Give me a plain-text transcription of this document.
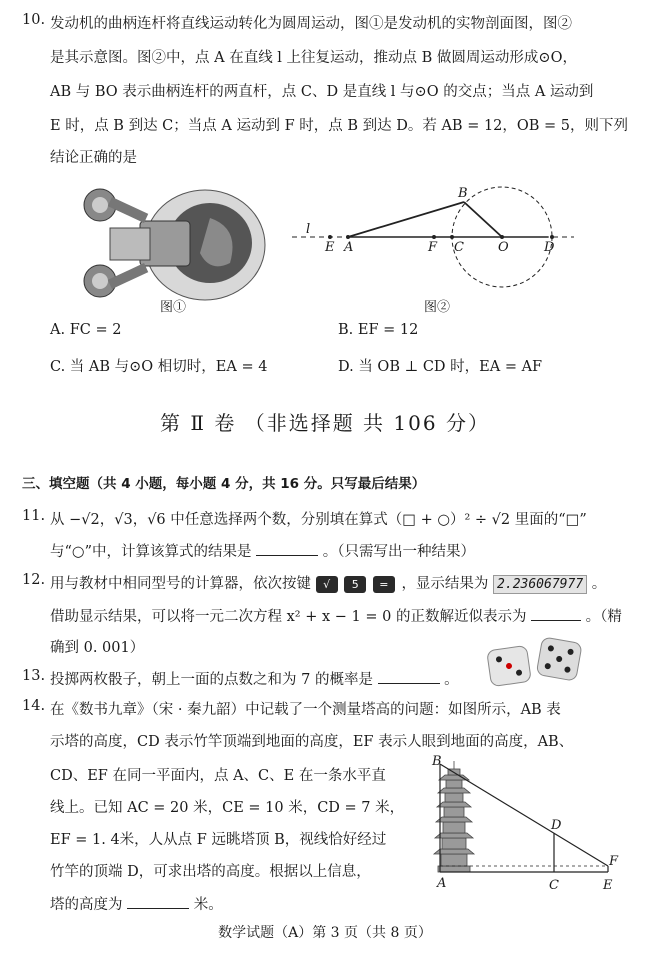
10. 发动机的曲柄连杆将直线运动转化为圆周运动，图①是发动机的实物剖面图，图②
是其示意图。图②中，点 A 在直线 l 上往复运动，推动点 B 做圆周运动形成⊙O，
AB 与 BO 表示曲柄连杆的两直杆，点 C、D 是直线 l 与⊙O 的交点；当点 A 运动到
E 时，点 B 到达 C；当点 A 运动到 F 时，点 B 到达 D。若 AB = 12，OB = 5，则下列
结论正确的是
图①
l
E A	F C	O	D
B
图②
A. FC = 2	B. EF = 12
C. 当 AB 与⊙O 相切时，EA = 4	D. 当 OB ⊥ CD 时，EA = AF
第 Ⅱ 卷 （非选择题 共 106 分）
三、填空题（共 4 小题，每小题 4 分，共 16 分。只写最后结果）
11. 从 −√2，√3，√6 中任意选择两个数，分别填在算式（□ + ○）² ÷ √2 里面的“□”
与“○”中，计算该算式的结果是	。（只需写出一种结果）
12. 用与教材中相同型号的计算器，依次按键 √ 5 = ，显示结果为 2.236067977 。
借助显示结果，可以将一元二次方程 x² + x − 1 = 0 的正数解近似表示为	。（精
确到 0. 001）
13. 投掷两枚骰子，朝上一面的点数之和为 7 的概率是	。
14. 在《数书九章》（宋 · 秦九韶）中记载了一个测量塔高的问题：如图所示，AB 表
示塔的高度，CD 表示竹竿顶端到地面的高度，EF 表示人眼到地面的高度，AB、
CD、EF 在同一平面内，点 A、C、E 在一条水平直
线上。已知 AC = 20 米，CE = 10 米，CD = 7 米，
EF = 1. 4米，人从点 F 远眺塔顶 B，视线恰好经过
竹竿的顶端 D，可求出塔的高度。根据以上信息，
塔的高度为	米。
B
D
F
A	C	E
数学试题（A）第 3 页（共 8 页）
